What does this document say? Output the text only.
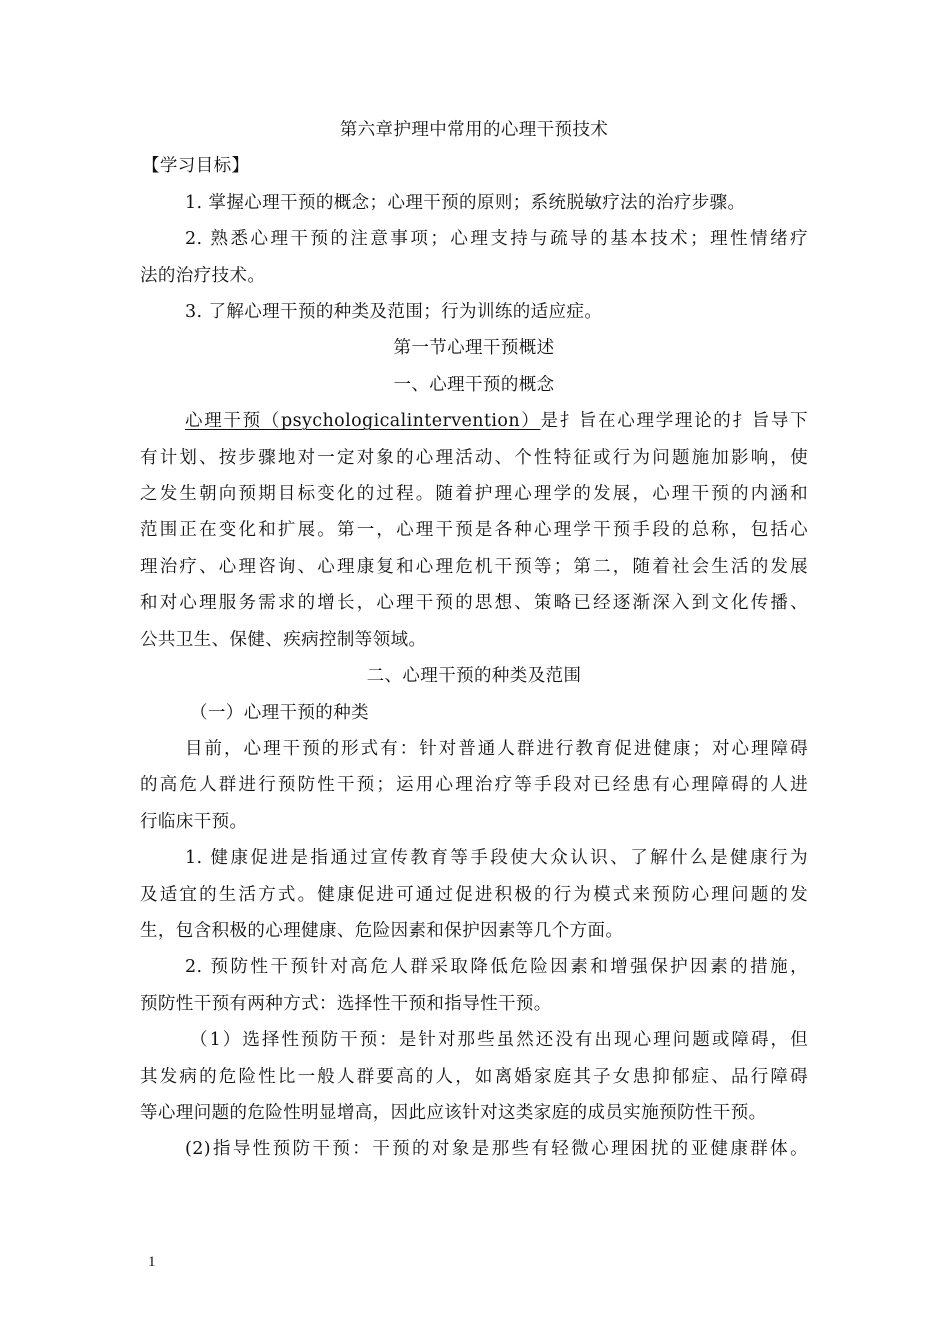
第六章护理中常用的心理干预技术
【学习目标】
1. 掌握心理干预的概念；心理干预的原则；系统脱敏疗法的治疗步骤。
2. 熟悉心理干预的注意事项；心理支持与疏导的基本技术；理性情绪疗
法的治疗技术。
3. 了解心理干预的种类及范围；行为训练的适应症。
第一节心理干预概述
一、心理干预的概念
心理干预（psychologicalintervention）是扌旨在心理学理论的扌旨导下
有计划、按步骤地对一定对象的心理活动、个性特征或行为问题施加影响，使
之发生朝向预期目标变化的过程。随着护理心理学的发展，心理干预的内涵和
范围正在变化和扩展。第一，心理干预是各种心理学干预手段的总称，包括心
理治疗、心理咨询、心理康复和心理危机干预等；第二，随着社会生活的发展
和对心理服务需求的增长，心理干预的思想、策略已经逐渐深入到文化传播、
公共卫生、保健、疾病控制等领域。
二、心理干预的种类及范围
（一）心理干预的种类
目前，心理干预的形式有：针对普通人群进行教育促进健康；对心理障碍
的高危人群进行预防性干预；运用心理治疗等手段对已经患有心理障碍的人进
行临床干预。
1. 健康促进是指通过宣传教育等手段使大众认识、了解什么是健康行为
及适宜的生活方式。健康促进可通过促进积极的行为模式来预防心理问题的发
生，包含积极的心理健康、危险因素和保护因素等几个方面。
2. 预防性干预针对高危人群采取降低危险因素和增强保护因素的措施，
预防性干预有两种方式：选择性干预和指导性干预。
（1）选择性预防干预：是针对那些虽然还没有出现心理问题或障碍，但
其发病的危险性比一般人群要高的人，如离婚家庭其子女患抑郁症、品行障碍
等心理问题的危险性明显增高，因此应该针对这类家庭的成员实施预防性干预。
(2)指导性预防干预：干预的对象是那些有轻微心理困扰的亚健康群体。
1
